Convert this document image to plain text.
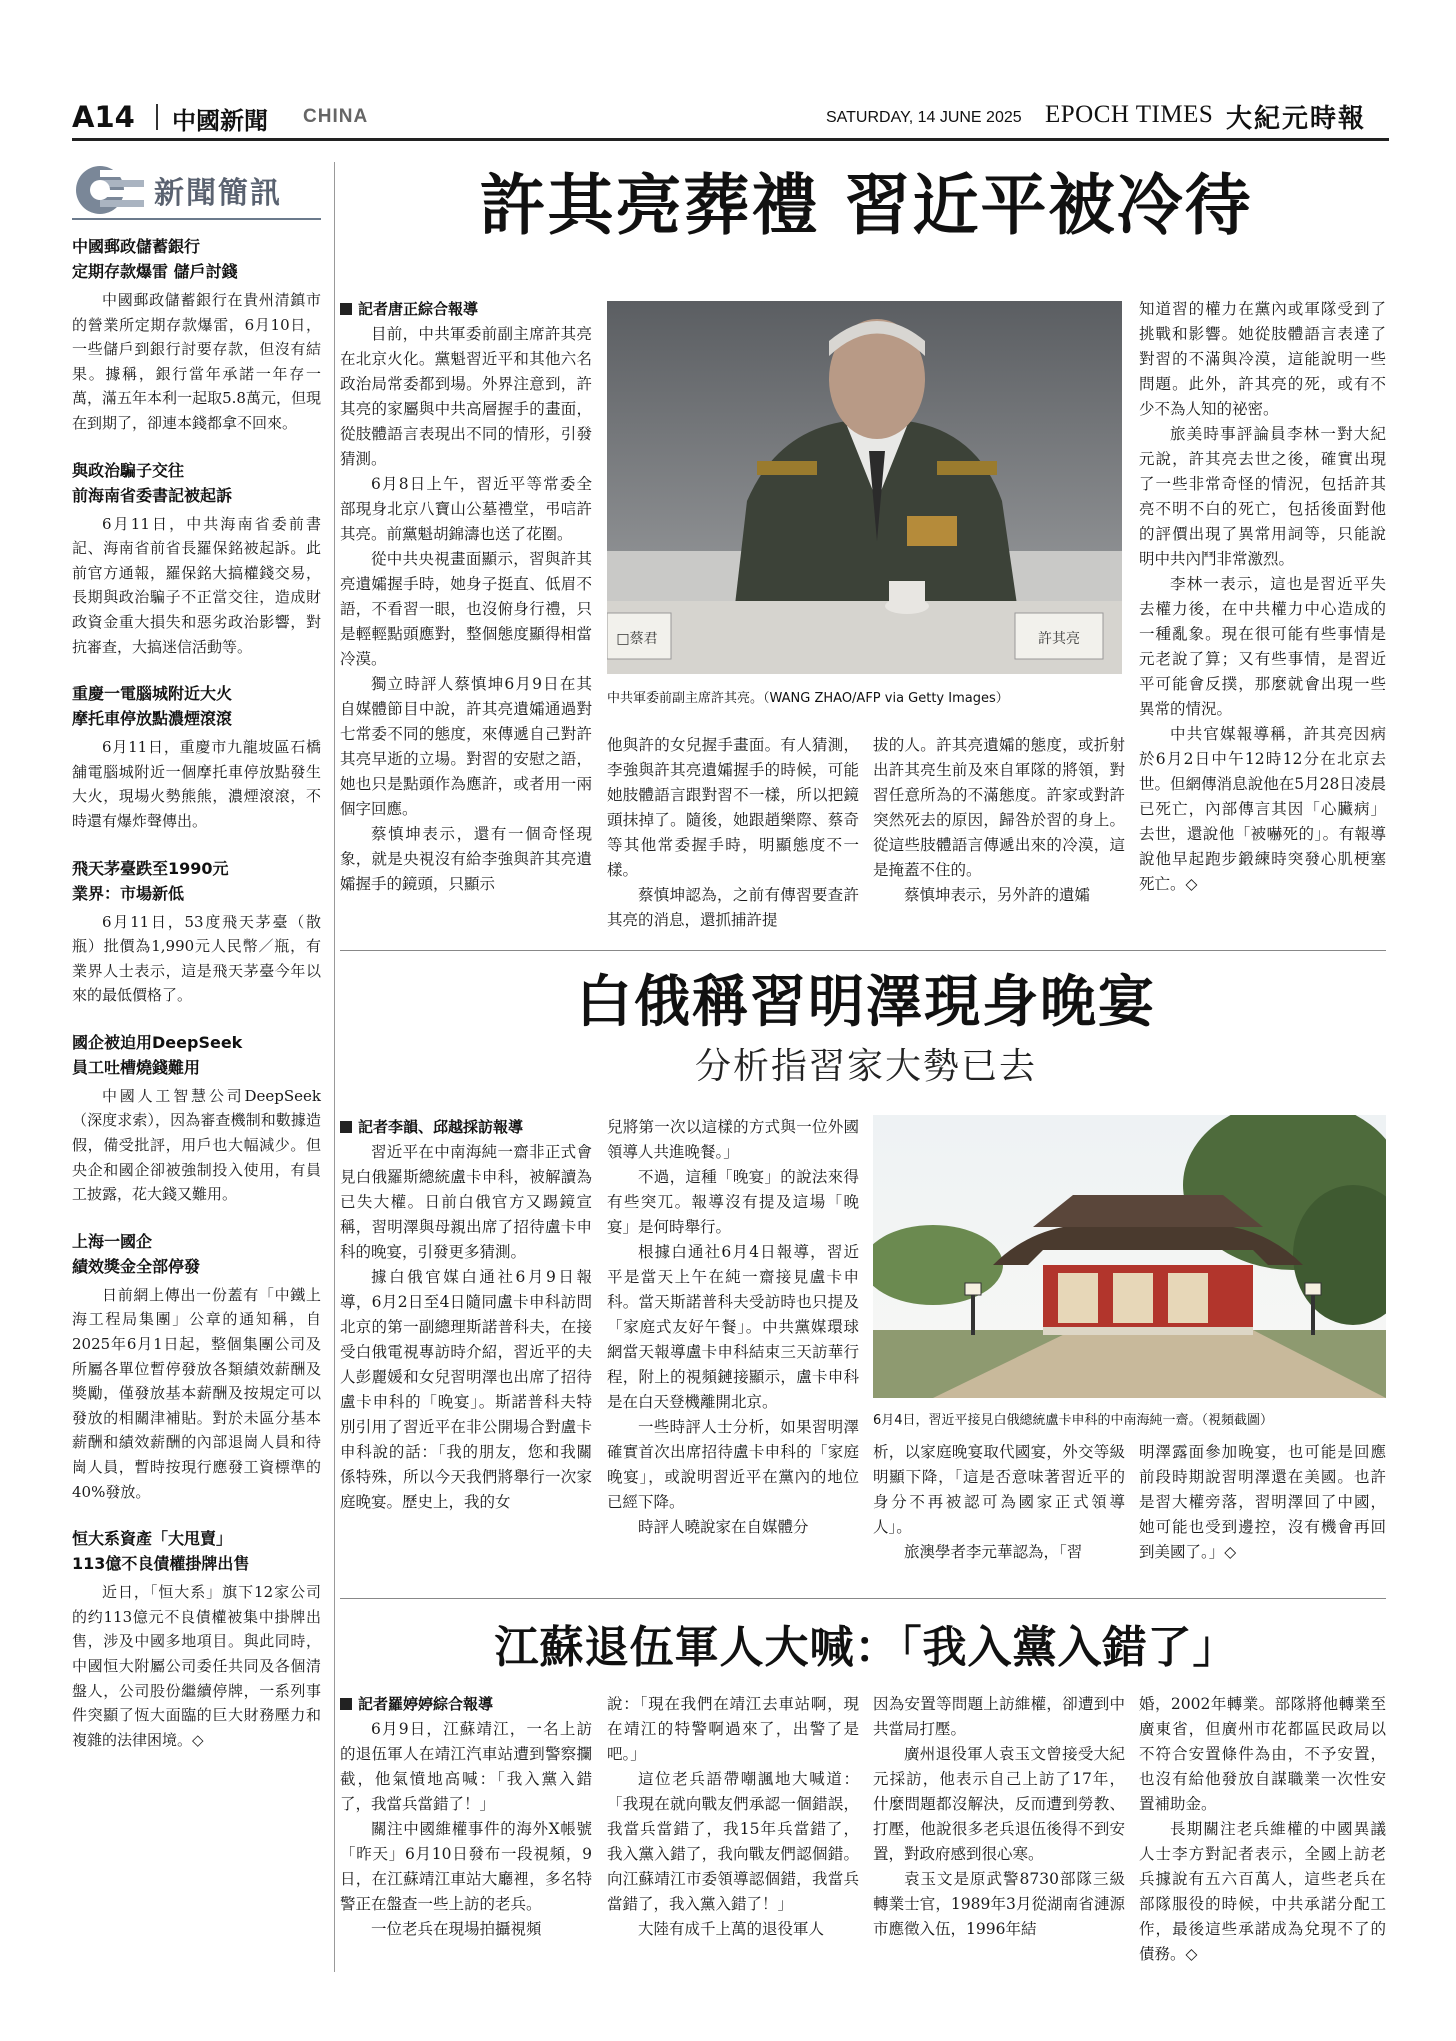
A14 中國新聞 CHINA	SATURDAY, 14 JUNE 2025 EPOCH TIMES 大紀元時報
新聞簡訊
中國郵政儲蓄銀行
定期存款爆雷 儲戶討錢

中國郵政儲蓄銀行在貴州清鎮市的營業所定期存款爆雷，6月10日，一些儲戶到銀行討要存款，但沒有結果。據稱，銀行當年承諾一年存一萬，滿五年本利一起取5.8萬元，但現在到期了，卻連本錢都拿不回來。

與政治騙子交往
前海南省委書記被起訴

6月11日，中共海南省委前書記、海南省前省長羅保銘被起訴。此前官方通報，羅保銘大搞權錢交易，長期與政治騙子不正當交往，造成財政資金重大損失和惡劣政治影響，對抗審查，大搞迷信活動等。

重慶一電腦城附近大火
摩托車停放點濃煙滾滾

6月11日，重慶市九龍坡區石橋舖電腦城附近一個摩托車停放點發生大火，現場火勢熊熊，濃煙滾滾，不時還有爆炸聲傳出。

飛天茅臺跌至1990元
業界：市場新低

6月11日，53度飛天茅臺（散瓶）批價為1,990元人民幣／瓶，有業界人士表示，這是飛天茅臺今年以來的最低價格了。

國企被迫用DeepSeek
員工吐槽燒錢難用

中國人工智慧公司DeepSeek（深度求索），因為審查機制和數據造假，備受批評，用戶也大幅減少。但央企和國企卻被強制投入使用，有員工披露，花大錢又難用。

上海一國企
績效獎金全部停發

日前網上傳出一份蓋有「中鐵上海工程局集團」公章的通知稱，自2025年6月1日起，整個集團公司及所屬各單位暫停發放各類績效薪酬及獎勵，僅發放基本薪酬及按規定可以發放的相關津補貼。對於未區分基本薪酬和績效薪酬的內部退崗人員和待崗人員，暫時按現行應發工資標準的40%發放。

恒大系資產「大甩賣」
113億不良債權掛牌出售

近日，「恒大系」旗下12家公司的约113億元不良債權被集中掛牌出售，涉及中國多地項目。與此同時，中國恒大附屬公司委任共同及各個清盤人，公司股份繼續停牌，一系列事件突顯了恆大面臨的巨大財務壓力和複雜的法律困境。◇

許其亮葬禮 習近平被冷待
記者唐正綜合報導

目前，中共軍委前副主席許其亮在北京火化。黨魁習近平和其他六名政治局常委都到場。外界注意到，許其亮的家屬與中共高層握手的畫面，從肢體語言表現出不同的情形，引發猜測。

6月8日上午，習近平等常委全部現身北京八寶山公墓禮堂，弔唁許其亮。前黨魁胡錦濤也送了花圈。

從中共央視畫面顯示，習與許其亮遺孀握手時，她身子挺直、低眉不語，不看習一眼，也沒俯身行禮，只是輕輕點頭應對，整個態度顯得相當冷漠。

獨立時評人蔡慎坤6月9日在其自媒體節目中說，許其亮遺孀通過對七常委不同的態度，來傳遞自己對許其亮早逝的立場。對習的安慰之語，她也只是點頭作為應許，或者用一兩個字回應。

蔡慎坤表示，還有一個奇怪現象，就是央視沒有給李強與許其亮遺孀握手的鏡頭，只顯示

許其亮
□蔡君
中共軍委前副主席許其亮。（WANG ZHAO/AFP via Getty Images）

他與許的女兒握手畫面。有人猜測，李強與許其亮遺孀握手的時候，可能她肢體語言跟對習不一樣，所以把鏡頭抹掉了。隨後，她跟趙樂際、蔡奇等其他常委握手時，明顯態度不一樣。

蔡慎坤認為，之前有傳習要查許其亮的消息，還抓捕許提

拔的人。許其亮遺孀的態度，或折射出許其亮生前及來自軍隊的將領，對習任意所為的不滿態度。許家或對許突然死去的原因，歸咎於習的身上。從這些肢體語言傳遞出來的冷漠，這是掩蓋不住的。

蔡慎坤表示，另外許的遺孀

知道習的權力在黨內或軍隊受到了挑戰和影響。她從肢體語言表達了對習的不滿與冷漠，這能說明一些問題。此外，許其亮的死，或有不少不為人知的祕密。

旅美時事評論員李林一對大紀元說，許其亮去世之後，確實出現了一些非常奇怪的情況，包括許其亮不明不白的死亡，包括後面對他的評價出現了異常用詞等，只能說明中共內鬥非常激烈。

李林一表示，這也是習近平失去權力後，在中共權力中心造成的一種亂象。現在很可能有些事情是元老說了算；又有些事情，是習近平可能會反撲，那麼就會出現一些異常的情況。

中共官媒報導稱，許其亮因病於6月2日中午12時12分在北京去世。但網傳消息說他在5月28日凌晨已死亡，內部傳言其因「心臟病」去世，還說他「被嚇死的」。有報導說他早起跑步鍛練時突發心肌梗塞死亡。◇

白俄稱習明澤現身晚宴
分析指習家大勢已去
記者李韻、邱越採訪報導

習近平在中南海純一齋非正式會見白俄羅斯總統盧卡申科，被解讀為已失大權。日前白俄官方又踢鏡宣稱，習明澤與母親出席了招待盧卡申科的晚宴，引發更多猜測。

據白俄官媒白通社6月9日報導，6月2日至4日隨同盧卡申科訪問北京的第一副總理斯諾普科夫，在接受白俄電視專訪時介紹，習近平的夫人彭麗媛和女兒習明澤也出席了招待盧卡申科的「晚宴」。斯諾普科夫特別引用了習近平在非公開場合對盧卡申科說的話：「我的朋友，您和我關係特殊，所以今天我們將舉行一次家庭晚宴。歷史上，我的女

兒將第一次以這樣的方式與一位外國領導人共進晚餐。」

不過，這種「晚宴」的說法來得有些突兀。報導沒有提及這場「晚宴」是何時舉行。

根據白通社6月4日報導，習近平是當天上午在純一齋接見盧卡申科。當天斯諾普科夫受訪時也只提及「家庭式友好午餐」。中共黨媒環球網當天報導盧卡申科結束三天訪華行程，附上的視頻鏈接顯示，盧卡申科是在白天登機離開北京。

一些時評人士分析，如果習明澤確實首次出席招待盧卡申科的「家庭晚宴」，或說明習近平在黨內的地位已經下降。

時評人曉說家在自媒體分

6月4日，習近平接見白俄總統盧卡申科的中南海純一齋。（視頻截圖）

析，以家庭晚宴取代國宴，外交等級明顯下降，「這是否意味著習近平的身分不再被認可為國家正式領導人」。

旅澳學者李元華認為，「習

明澤露面參加晚宴，也可能是回應前段時期說習明澤還在美國。也許是習大權旁落，習明澤回了中國，她可能也受到邊控，沒有機會再回到美國了。」◇

江蘇退伍軍人大喊：「我入黨入錯了」
記者羅婷婷綜合報導

6月9日，江蘇靖江，一名上訪的退伍軍人在靖江汽車站遭到警察攔截，他氣憤地高喊：「我入黨入錯了，我當兵當錯了！」

關注中國維權事件的海外X帳號「昨天」6月10日發布一段視頻，9日，在江蘇靖江車站大廳裡，多名特警正在盤查一些上訪的老兵。

一位老兵在現場拍攝視頻

說：「現在我們在靖江去車站啊，現在靖江的特警啊過來了，出警了是吧。」

這位老兵語帶嘲諷地大喊道：「我現在就向戰友們承認一個錯誤，我當兵當錯了，我15年兵當錯了，我入黨入錯了，我向戰友們認個錯。向江蘇靖江市委領導認個錯，我當兵當錯了，我入黨入錯了！」

大陸有成千上萬的退役軍人

因為安置等問題上訪維權，卻遭到中共當局打壓。

廣州退役軍人袁玉文曾接受大紀元採訪，他表示自己上訪了17年，什麼問題都沒解決，反而遭到勞教、打壓，他說很多老兵退伍後得不到安置，對政府感到很心寒。

袁玉文是原武警8730部隊三級轉業士官，1989年3月從湖南省漣源市應徵入伍，1996年結

婚，2002年轉業。部隊將他轉業至廣東省，但廣州市花都區民政局以不符合安置條件為由，不予安置，也沒有給他發放自謀職業一次性安置補助金。

長期關注老兵維權的中國異議人士李方對記者表示，全國上訪老兵據說有五六百萬人，這些老兵在部隊服役的時候，中共承諾分配工作，最後這些承諾成為兌現不了的債務。◇
